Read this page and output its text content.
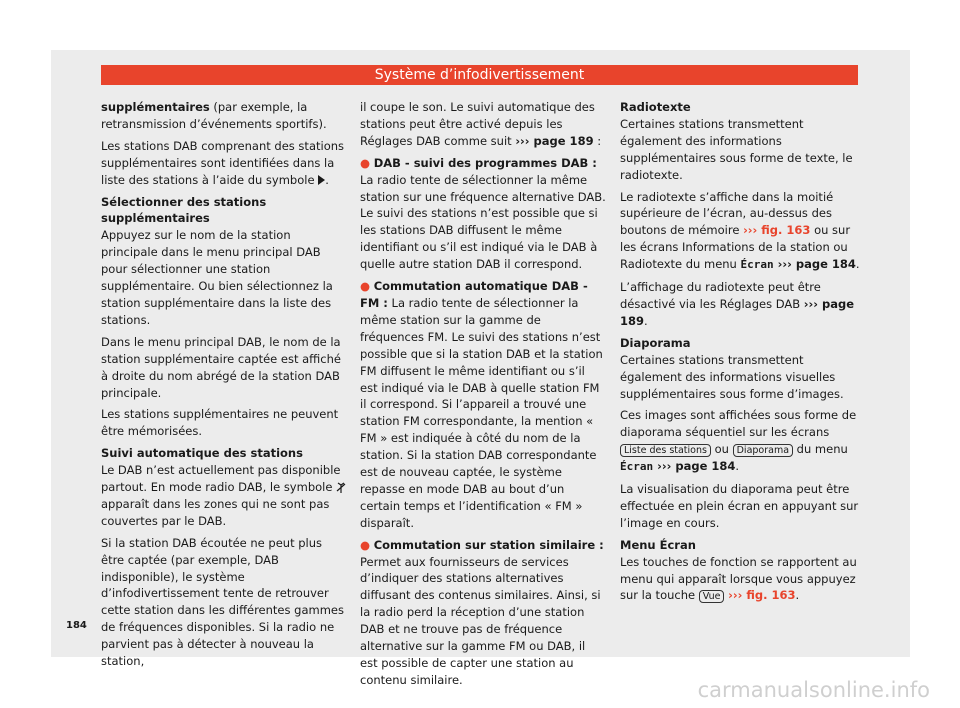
Système d’infodivertissement

supplémentaires (par exemple, la retransmission d’événements sportifs).

Les stations DAB comprenant des stations supplémentaires sont identifiées dans la liste des stations à l’aide du symbole .

Sélectionner des stations supplémentaires

Appuyez sur le nom de la station principale dans le menu principal DAB pour sélectionner une station supplémentaire. Ou bien sélectionnez la station supplémentaire dans la liste des stations.

Dans le menu principal DAB, le nom de la station supplémentaire captée est affiché à droite du nom abrégé de la station DAB principale.

Les stations supplémentaires ne peuvent être mémorisées.

Suivi automatique des stations

Le DAB n’est actuellement pas disponible partout. En mode radio DAB, le symbole  apparaît dans les zones qui ne sont pas couvertes par le DAB.

Si la station DAB écoutée ne peut plus être captée (par exemple, DAB indisponible), le système d’infodivertissement tente de retrouver cette station dans les différentes gammes de fréquences disponibles. Si la radio ne parvient pas à détecter à nouveau la station,

il coupe le son. Le suivi automatique des stations peut être activé depuis les Réglages DAB comme suit ››› page 189 :

● DAB - suivi des programmes DAB : La radio tente de sélectionner la même station sur une fréquence alternative DAB. Le suivi des stations n’est possible que si les stations DAB diffusent le même identifiant ou s’il est indiqué via le DAB à quelle autre station DAB il correspond.

● Commutation automatique DAB - FM : La radio tente de sélectionner la même station sur la gamme de fréquences FM. Le suivi des stations n’est possible que si la station DAB et la station FM diffusent le même identifiant ou s’il est indiqué via le DAB à quelle station FM il correspond. Si l’appareil a trouvé une station FM correspondante, la mention « FM » est indiquée à côté du nom de la station. Si la station DAB correspondante est de nouveau captée, le système repasse en mode DAB au bout d’un certain temps et l’identification « FM » disparaît.

● Commutation sur station similaire : Permet aux fournisseurs de services d’indiquer des stations alternatives diffusant des contenus similaires. Ainsi, si la radio perd la réception d’une station DAB et ne trouve pas de fréquence alternative sur la gamme FM ou DAB, il est possible de capter une station au contenu similaire.

Radiotexte

Certaines stations transmettent également des informations supplémentaires sous forme de texte, le radiotexte.

Le radiotexte s’affiche dans la moitié supérieure de l’écran, au-dessus des boutons de mémoire ››› fig. 163 ou sur les écrans Informations de la station ou Radiotexte du menu Écran ››› page 184.

L’affichage du radiotexte peut être désactivé via les Réglages DAB ››› page 189.

Diaporama

Certaines stations transmettent également des informations visuelles supplémentaires sous forme d’images.

Ces images sont affichées sous forme de diaporama séquentiel sur les écrans Liste des stations ou Diaporama du menu Écran ››› page 184.

La visualisation du diaporama peut être effectuée en plein écran en appuyant sur l’image en cours.

Menu Écran

Les touches de fonction se rapportent au menu qui apparaît lorsque vous appuyez sur la touche Vue ››› fig. 163.

184
carmanualsonline.info
